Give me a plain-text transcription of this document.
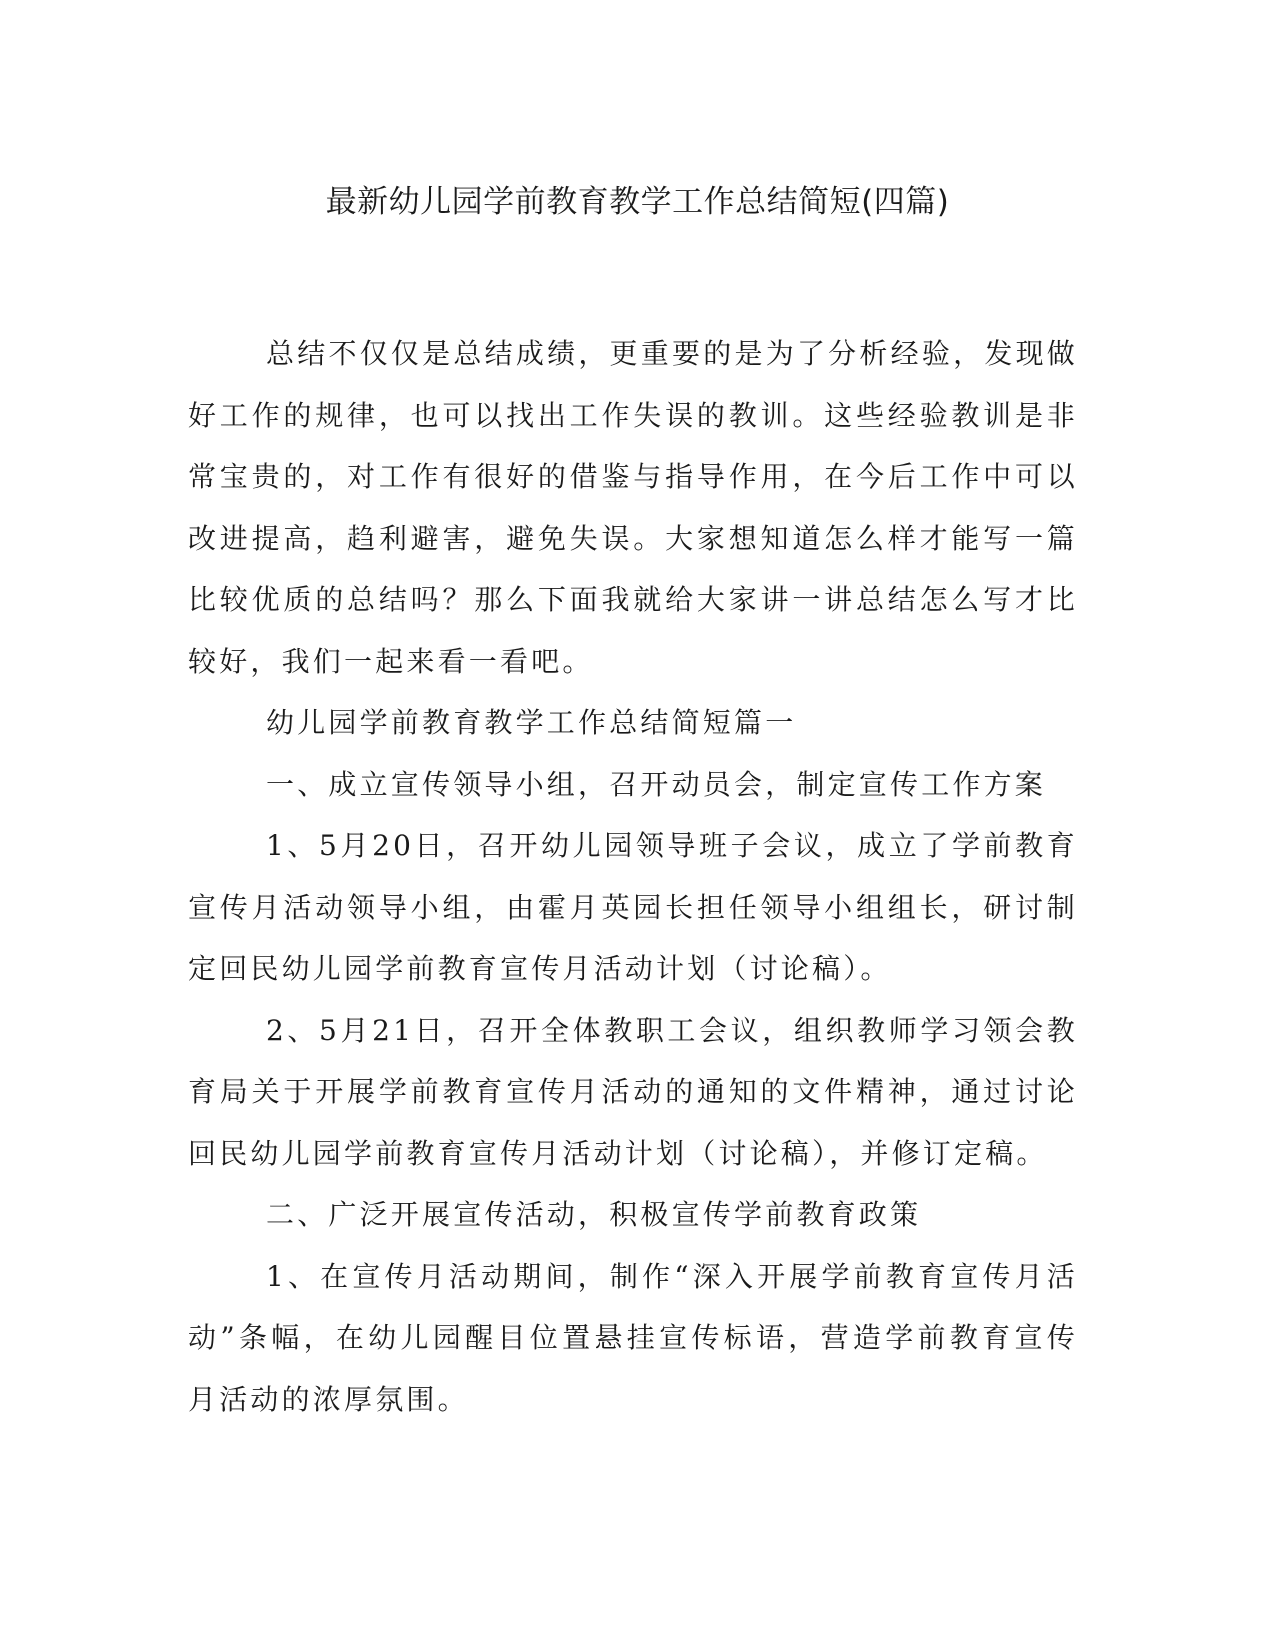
最新幼儿园学前教育教学工作总结简短(四篇)

总结不仅仅是总结成绩，更重要的是为了分析经验，发现做好工作的规律，也可以找出工作失误的教训。这些经验教训是非常宝贵的，对工作有很好的借鉴与指导作用，在今后工作中可以改进提高，趋利避害，避免失误。大家想知道怎么样才能写一篇比较优质的总结吗？那么下面我就给大家讲一讲总结怎么写才比较好，我们一起来看一看吧。

幼儿园学前教育教学工作总结简短篇一

一、成立宣传领导小组，召开动员会，制定宣传工作方案

1、5月20日，召开幼儿园领导班子会议，成立了学前教育宣传月活动领导小组，由霍月英园长担任领导小组组长，研讨制定回民幼儿园学前教育宣传月活动计划（讨论稿）。

2、5月21日，召开全体教职工会议，组织教师学习领会教育局关于开展学前教育宣传月活动的通知的文件精神，通过讨论回民幼儿园学前教育宣传月活动计划（讨论稿），并修订定稿。

二、广泛开展宣传活动，积极宣传学前教育政策

1、在宣传月活动期间，制作“深入开展学前教育宣传月活动”条幅，在幼儿园醒目位置悬挂宣传标语，营造学前教育宣传月活动的浓厚氛围。
